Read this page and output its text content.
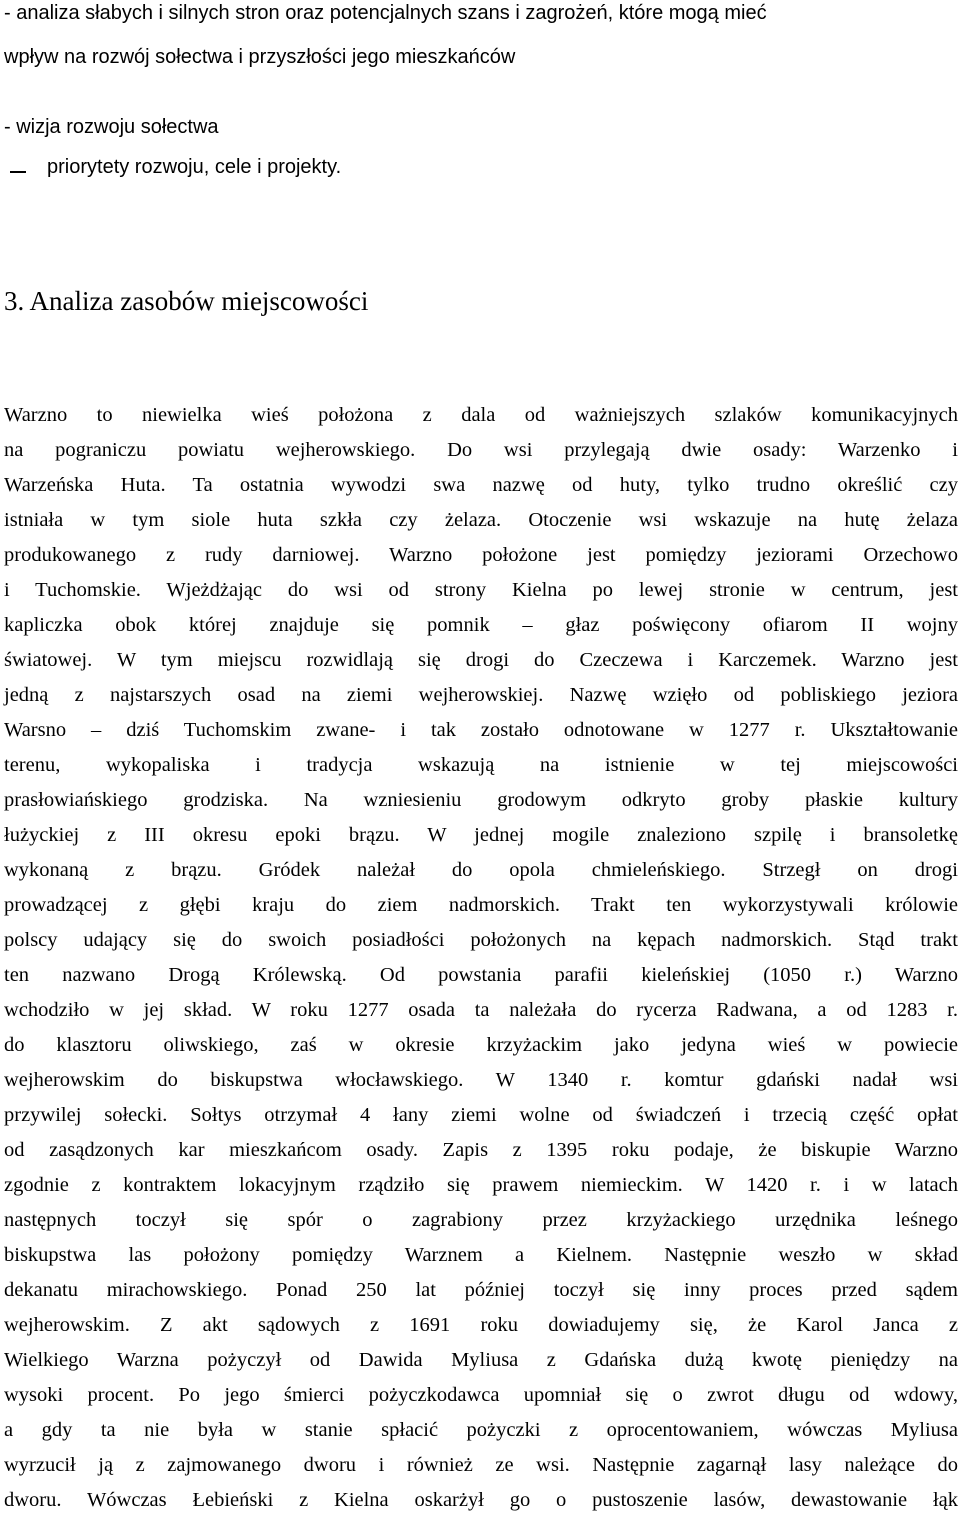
- analiza słabych i silnych stron oraz potencjalnych szans i zagrożeń, które mogą mieć
wpływ na rozwój sołectwa i przyszłości jego mieszkańców
- wizja rozwoju sołectwa
priorytety rozwoju, cele i projekty.
3. Analiza zasobów miejscowości
Warzno to niewielka wieś położona z dala od ważniejszych szlaków komunikacyjnych
na pograniczu powiatu wejherowskiego. Do wsi przylegają dwie osady: Warzenko i
Warzeńska Huta. Ta ostatnia wywodzi swa nazwę od huty, tylko trudno określić czy
istniała w tym siole huta szkła czy żelaza. Otoczenie wsi wskazuje na hutę żelaza
produkowanego z rudy darniowej. Warzno położone jest pomiędzy jeziorami Orzechowo
i Tuchomskie. Wjeżdżając do wsi od strony Kielna po lewej stronie w centrum, jest
kapliczka obok której znajduje się pomnik – głaz poświęcony ofiarom II wojny
światowej. W tym miejscu rozwidlają się drogi do Czeczewa i Karczemek. Warzno jest
jedną z najstarszych osad na ziemi wejherowskiej. Nazwę wzięło od pobliskiego jeziora
Warsno – dziś Tuchomskim zwane- i tak zostało odnotowane w 1277 r. Ukształtowanie
terenu, wykopaliska i tradycja wskazują na istnienie w tej miejscowości
prasłowiańskiego grodziska. Na wzniesieniu grodowym odkryto groby płaskie kultury
łużyckiej z III okresu epoki brązu. W jednej mogile znaleziono szpilę i bransoletkę
wykonaną z brązu. Gródek należał do opola chmieleńskiego. Strzegł on drogi
prowadzącej z głębi kraju do ziem nadmorskich. Trakt ten wykorzystywali królowie
polscy udający się do swoich posiadłości położonych na kępach nadmorskich. Stąd trakt
ten nazwano Drogą Królewską. Od powstania parafii kieleńskiej (1050 r.) Warzno
wchodziło w jej skład. W roku 1277 osada ta należała do rycerza Radwana, a od 1283 r.
do klasztoru oliwskiego, zaś w okresie krzyżackim jako jedyna wieś w powiecie
wejherowskim do biskupstwa włocławskiego. W 1340 r. komtur gdański nadał wsi
przywilej sołecki. Sołtys otrzymał 4 łany ziemi wolne od świadczeń i trzecią część opłat
od zasądzonych kar mieszkańcom osady. Zapis z 1395 roku podaje, że biskupie Warzno
zgodnie z kontraktem lokacyjnym rządziło się prawem niemieckim. W 1420 r. i w latach
następnych toczył się spór o zagrabiony przez krzyżackiego urzędnika leśnego
biskupstwa las położony pomiędzy Warznem a Kielnem. Następnie weszło w skład
dekanatu mirachowskiego. Ponad 250 lat później toczył się inny proces przed sądem
wejherowskim. Z akt sądowych z 1691 roku dowiadujemy się, że Karol Janca z
Wielkiego Warzna pożyczył od Dawida Myliusa z Gdańska dużą kwotę pieniędzy na
wysoki procent. Po jego śmierci pożyczkodawca upomniał się o zwrot długu od wdowy,
a gdy ta nie była w stanie spłacić pożyczki z oprocentowaniem, wówczas Myliusa
wyrzucił ją z zajmowanego dworu i również ze wsi. Następnie zagarnął lasy należące do
dworu. Wówczas Łebieński z Kielna oskarżył go o pustoszenie lasów, dewastowanie łąk
